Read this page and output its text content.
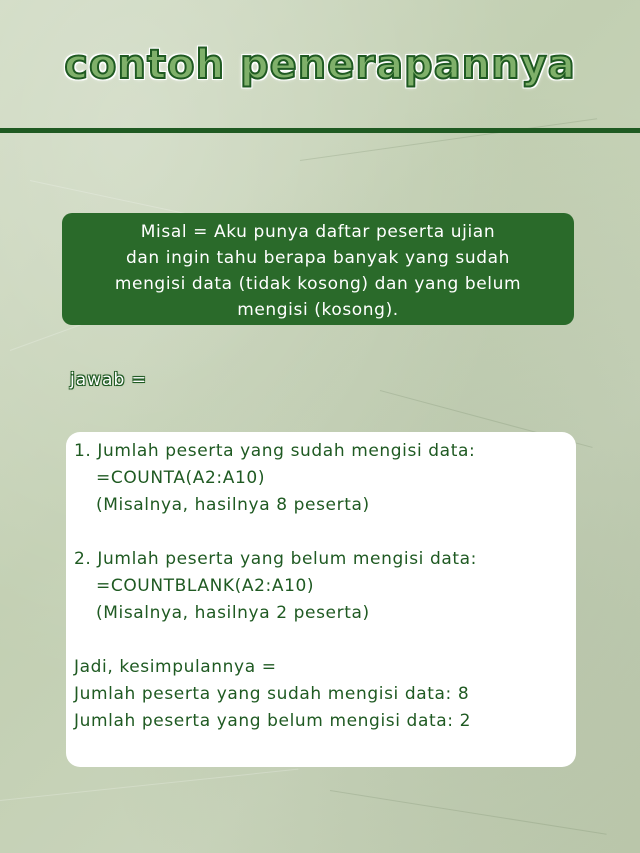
contoh penerapannya
Misal = Aku punya daftar peserta ujian
dan ingin tahu berapa banyak yang sudah
mengisi data (tidak kosong) dan yang belum
mengisi (kosong).
jawab =
1. Jumlah peserta yang sudah mengisi data:
=COUNTA(A2:A10)
(Misalnya, hasilnya 8 peserta)
2. Jumlah peserta yang belum mengisi data:
=COUNTBLANK(A2:A10)
(Misalnya, hasilnya 2 peserta)
Jadi, kesimpulannya =
Jumlah peserta yang sudah mengisi data: 8
Jumlah peserta yang belum mengisi data: 2
